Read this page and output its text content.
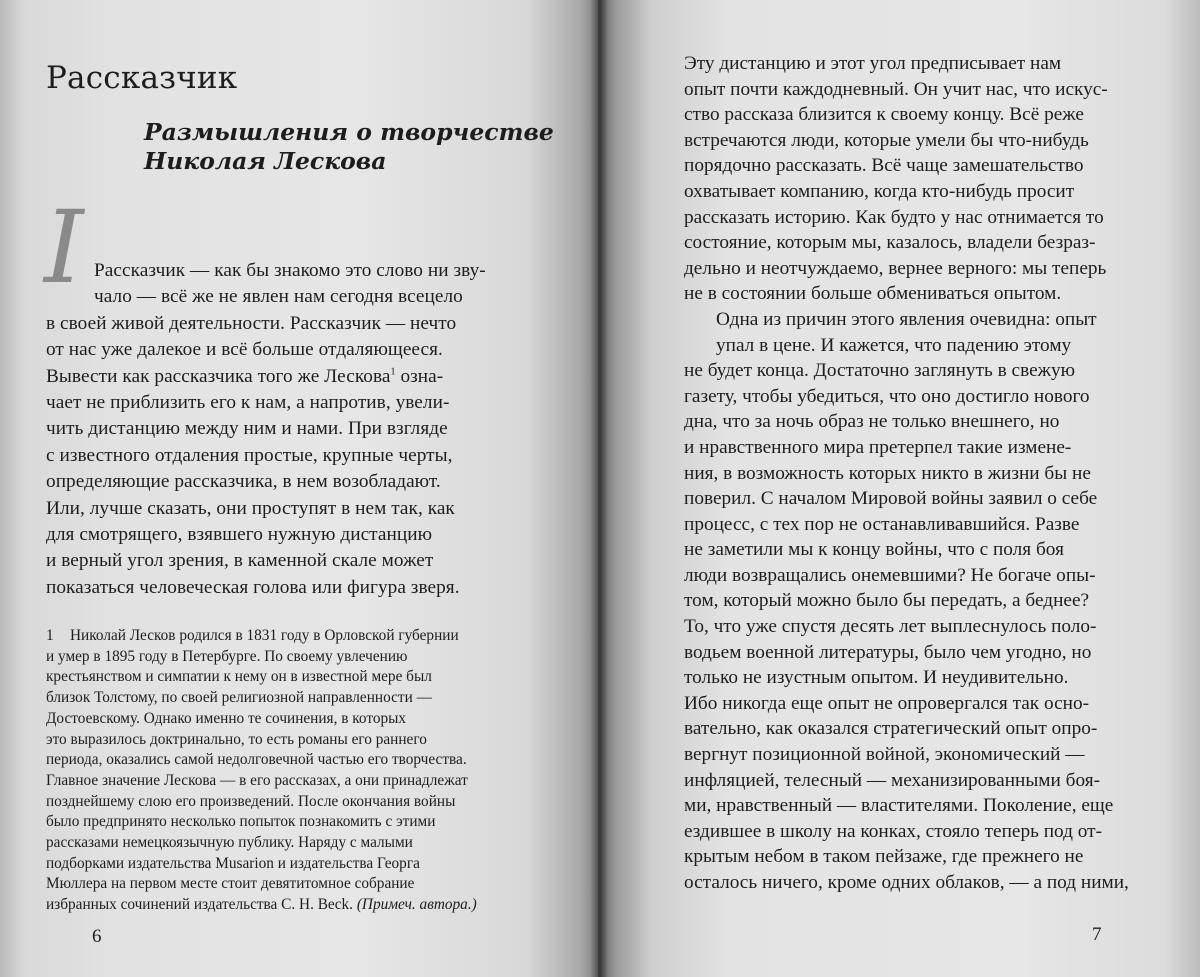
Рассказчик
Размышления о творчестве
Николая Лескова
I Рассказчик — как бы знакомо это слово ни зву-
чало — всё же не явлен нам сегодня всецело
в своей живой деятельности. Рассказчик — нечто
от нас уже далекое и всё больше отдаляющееся.
Вывести как рассказчика того же Лескова$^1$ озна-
чает не приблизить его к нам, а напротив, увели-
чить дистанцию между ним и нами. При взгляде
с известного отдаления простые, крупные черты,
определяющие рассказчика, в нем возобладают.
Или, лучше сказать, они проступят в нем так, как
для смотрящего, взявшего нужную дистанцию
и верный угол зрения, в каменной скале может
показаться человеческая голова или фигура зверя.
1 Николай Лесков родился в 1831 году в Орловской губернии
и умер в 1895 году в Петербурге. По своему увлечению
крестьянством и симпатии к нему он в известной мере был
близок Толстому, по своей религиозной направленности —
Достоевскому. Однако именно те сочинения, в которых
это выразилось доктринально, то есть романы его раннего
периода, оказались самой недолговечной частью его творчества.
Главное значение Лескова — в его рассказах, а они принадлежат
позднейшему слою его произведений. После окончания войны
было предпринято несколько попыток познакомить с этими
рассказами немецкоязычную публику. Наряду с малыми
подборками издательства Musarion и издательства Георга
Мюллера на первом месте стоит девятитомное собрание
избранных сочинений издательства С. Н. Beck. (Примеч. автора.)
6
Эту дистанцию и этот угол предписывает нам
опыт почти каждодневный. Он учит нас, что искус-
ство рассказа близится к своему концу. Всё реже
встречаются люди, которые умели бы что-нибудь
порядочно рассказать. Всё чаще замешательство
охватывает компанию, когда кто-нибудь просит
рассказать историю. Как будто у нас отнимается то
состояние, которым мы, казалось, владели безраз-
дельно и неотчуждаемо, вернее верного: мы теперь
не в состоянии больше обмениваться опытом.
Одна из причин этого явления очевидна: опыт
упал в цене. И кажется, что падению этому
не будет конца. Достаточно заглянуть в свежую
газету, чтобы убедиться, что оно достигло нового
дна, что за ночь образ не только внешнего, но
и нравственного мира претерпел такие измене-
ния, в возможность которых никто в жизни бы не
поверил. С началом Мировой войны заявил о себе
процесс, с тех пор не останавливавшийся. Разве
не заметили мы к концу войны, что с поля боя
люди возвращались онемевшими? Не богаче опы-
том, который можно было бы передать, а беднее?
То, что уже спустя десять лет выплеснулось поло-
водьем военной литературы, было чем угодно, но
только не изустным опытом. И неудивительно.
Ибо никогда еще опыт не опровергался так осно-
вательно, как оказался стратегический опыт опро-
вергнут позиционной войной, экономический —
инфляцией, телесный — механизированными боя-
ми, нравственный — властителями. Поколение, еще
ездившее в школу на конках, стояло теперь под от-
крытым небом в таком пейзаже, где прежнего не
осталось ничего, кроме одних облаков, — а под ними,
7
